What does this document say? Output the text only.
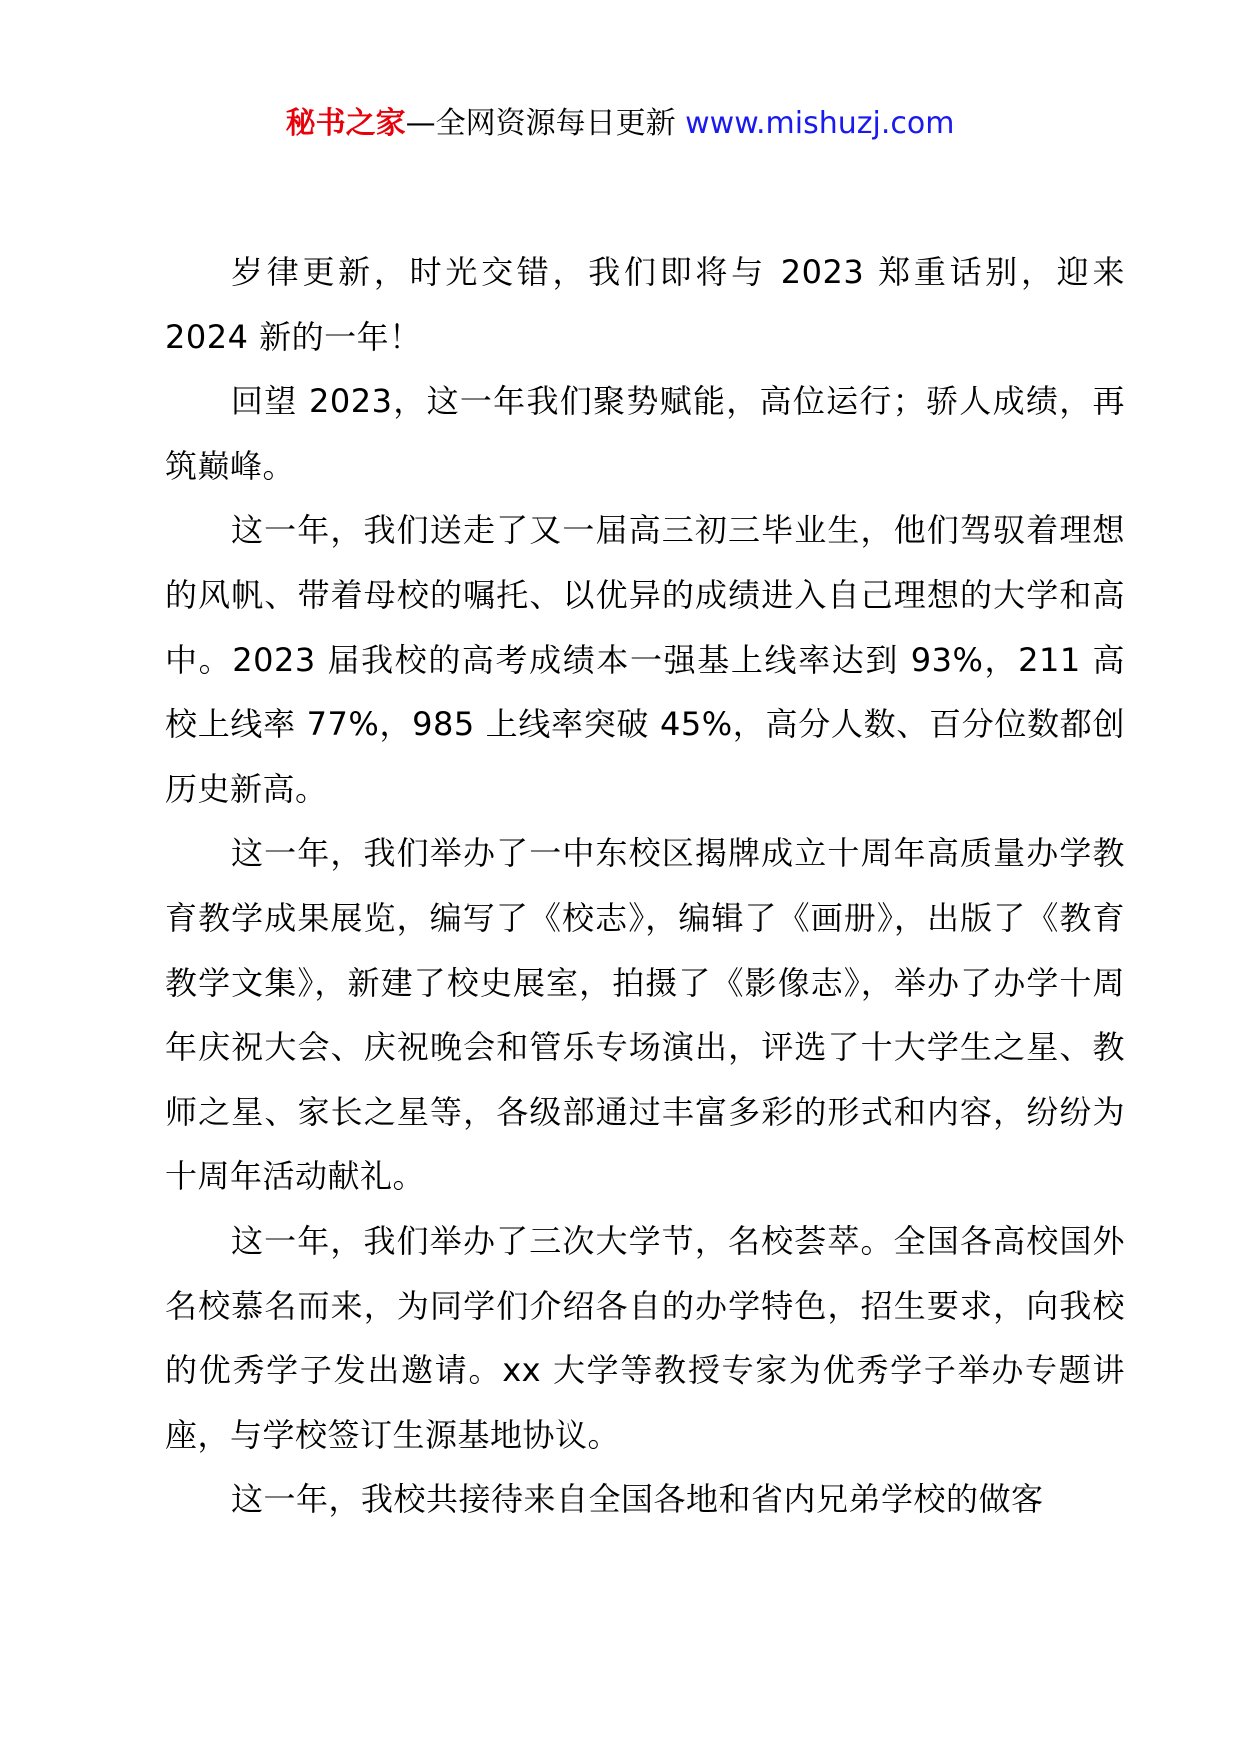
秘书之家—全网资源每日更新 www.mishuzj.com

岁律更新，时光交错，我们即将与 2023 郑重话别，迎来 2024 新的一年！

回望 2023，这一年我们聚势赋能，高位运行；骄人成绩，再筑巅峰。

这一年，我们送走了又一届高三初三毕业生，他们驾驭着理想的风帆、带着母校的嘱托、以优异的成绩进入自己理想的大学和高中。2023 届我校的高考成绩本一强基上线率达到 93%，211 高校上线率 77%，985 上线率突破 45%，高分人数、百分位数都创历史新高。

这一年，我们举办了一中东校区揭牌成立十周年高质量办学教育教学成果展览，编写了《校志》，编辑了《画册》，出版了《教育教学文集》，新建了校史展室，拍摄了《影像志》，举办了办学十周年庆祝大会、庆祝晚会和管乐专场演出，评选了十大学生之星、教师之星、家长之星等，各级部通过丰富多彩的形式和内容，纷纷为十周年活动献礼。

这一年，我们举办了三次大学节，名校荟萃。全国各高校国外名校慕名而来，为同学们介绍各自的办学特色，招生要求，向我校的优秀学子发出邀请。xx 大学等教授专家为优秀学子举办专题讲座，与学校签订生源基地协议。

这一年，我校共接待来自全国各地和省内兄弟学校的做客
